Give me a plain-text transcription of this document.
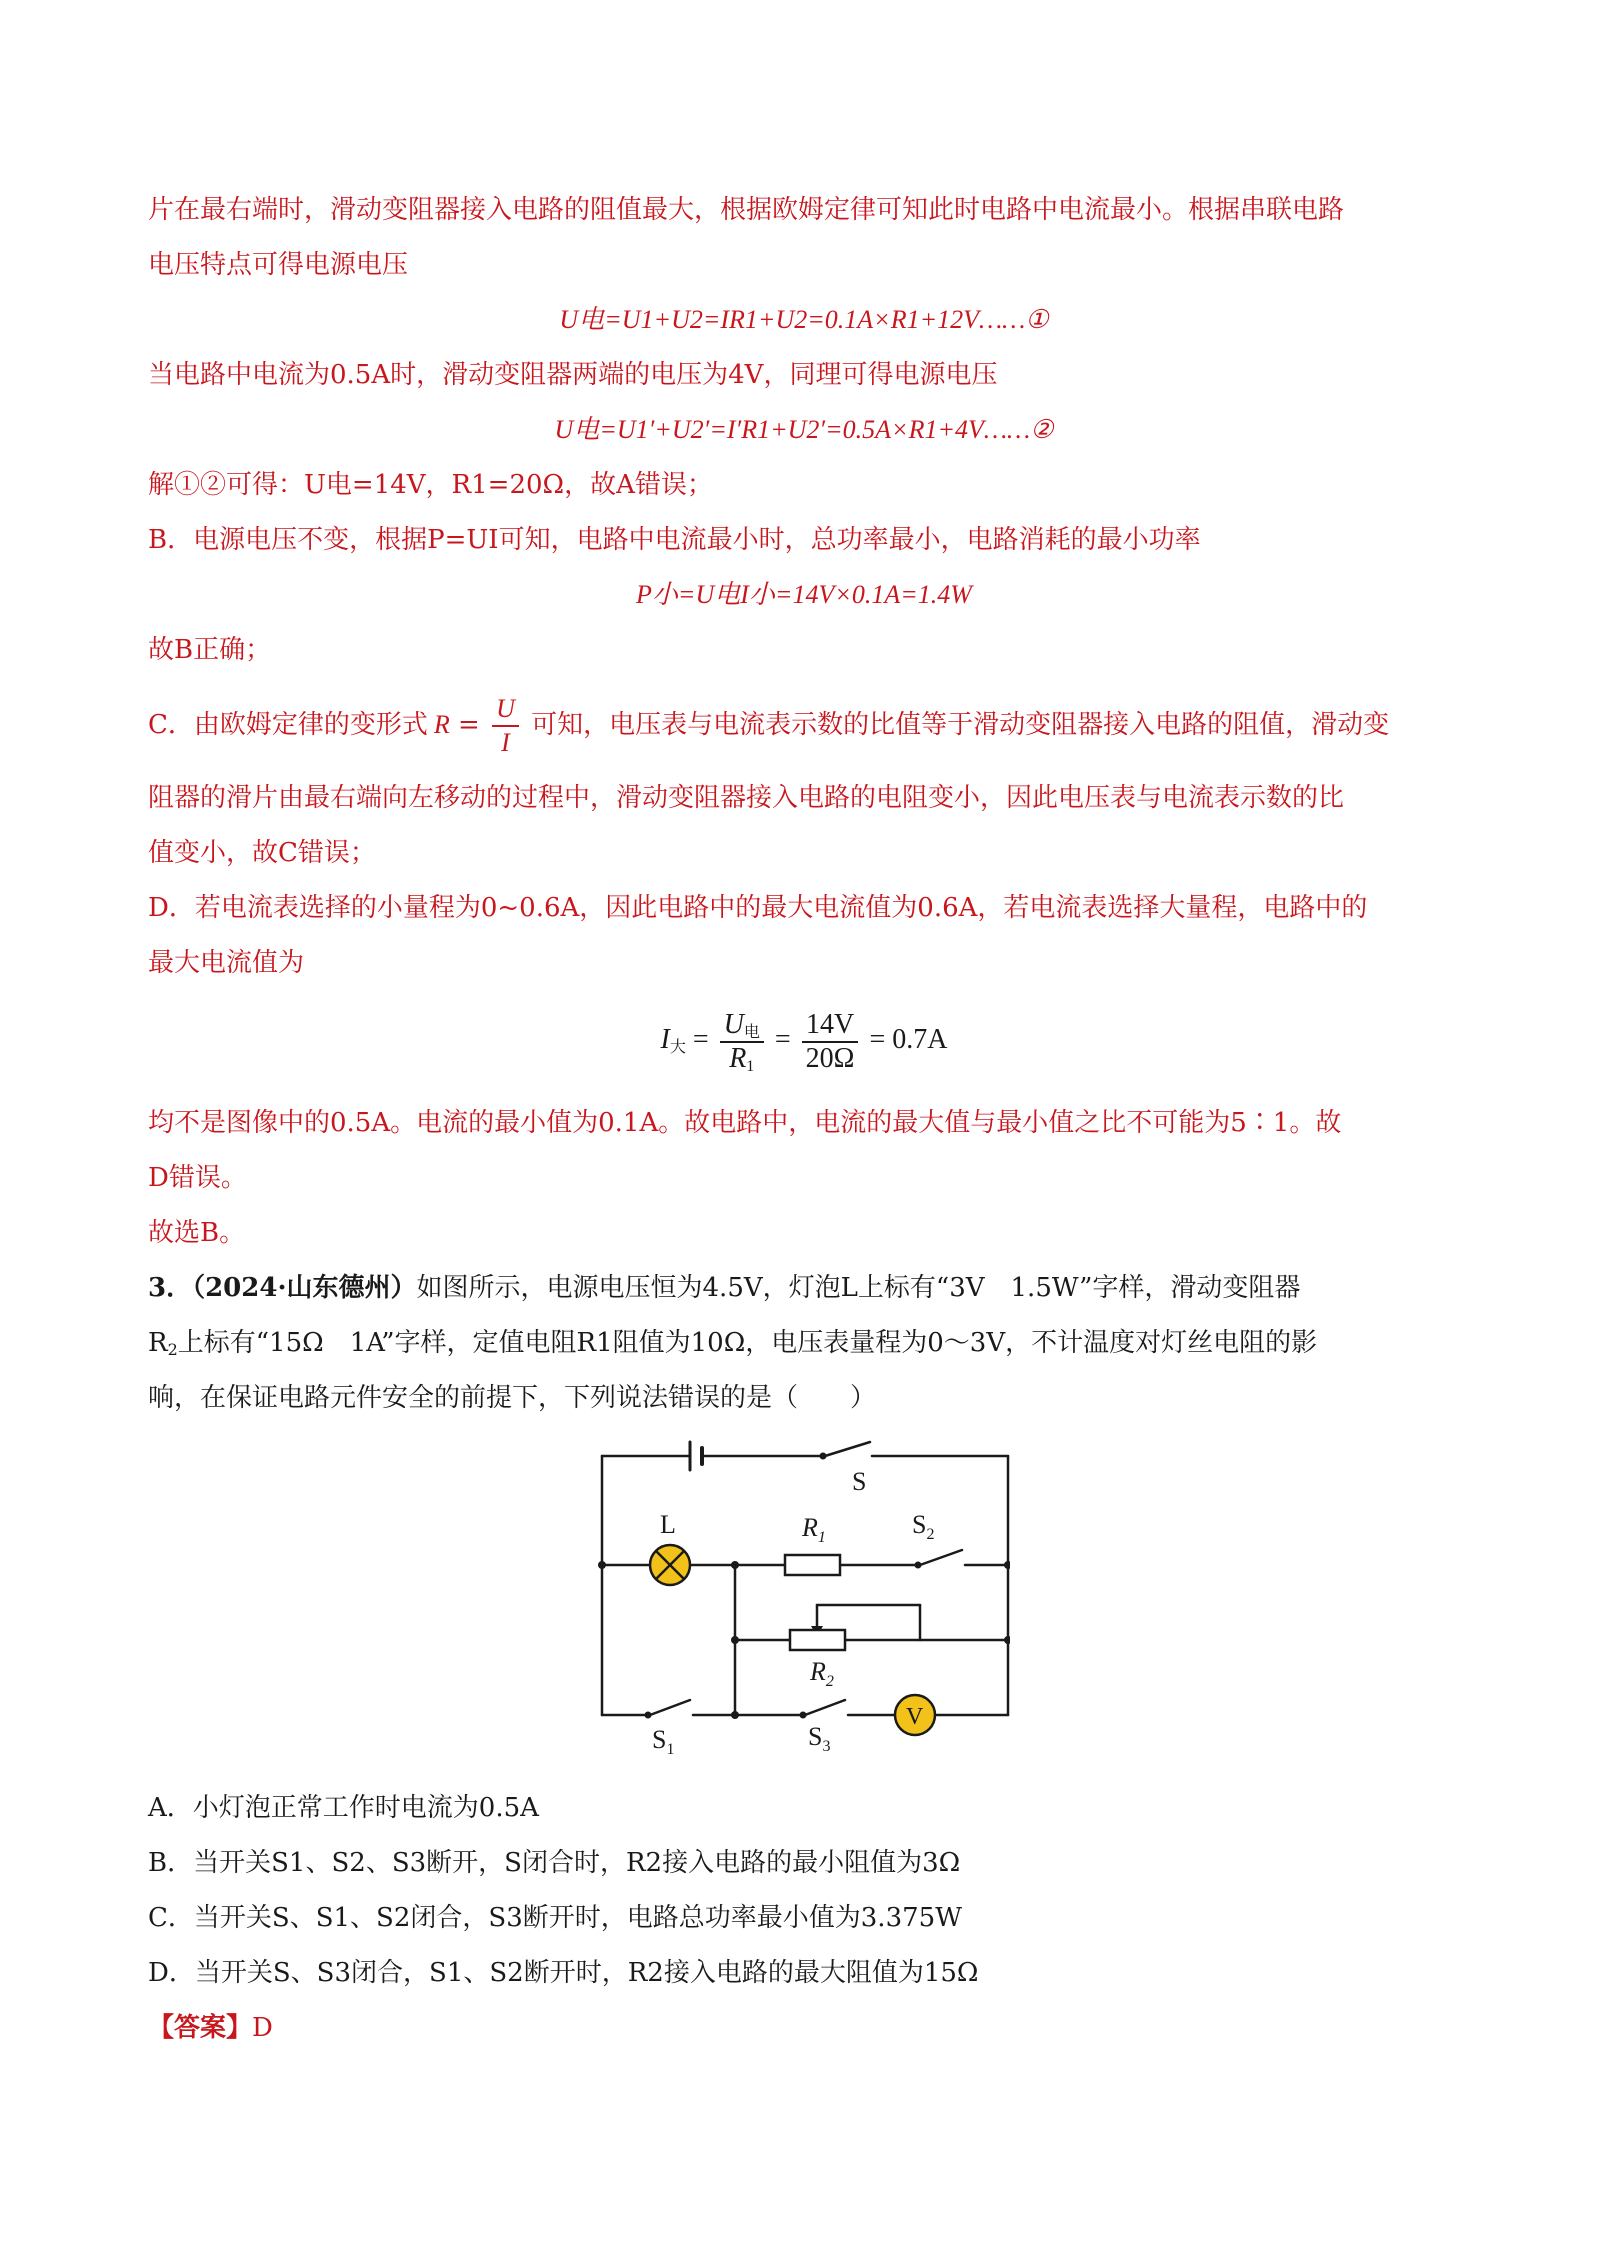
片在最右端时，滑动变阻器接入电路的阻值最大，根据欧姆定律可知此时电路中电流最小。根据串联电路
电压特点可得电源电压
U电=U1+U2=IR1+U2=0.1A×R1+12V……①
当电路中电流为0.5A时，滑动变阻器两端的电压为4V，同理可得电源电压
U电=U1′+U2′=I′R1+U2′=0.5A×R1+4V……②
解①②可得：U电=14V，R1=20Ω，故A错误；
B．电源电压不变，根据P=UI可知，电路中电流最小时，总功率最小，电路消耗的最小功率
P小=U电I小=14V×0.1A=1.4W
故B正确；
C．由欧姆定律的变形式 $R = \frac{U}{I}$ 可知，电压表与电流表示数的比值等于滑动变阻器接入电路的阻值，滑动变
阻器的滑片由最右端向左移动的过程中，滑动变阻器接入电路的电阻变小，因此电压表与电流表示数的比
值变小，故C错误；
D．若电流表选择的小量程为0~0.6A，因此电路中的最大电流值为0.6A，若电流表选择大量程，电路中的
最大电流值为
$I_大 = \frac{U_电}{R_1} = \frac{14V}{20\Omega} = 0.7A$
均不是图像中的0.5A。电流的最小值为0.1A。故电路中，电流的最大值与最小值之比不可能为5∶1。故
D错误。
故选B。
3．（2024·山东德州）如图所示，电源电压恒为4.5V，灯泡L上标有“3V　1.5W”字样，滑动变阻器
$R_2$上标有“15Ω　1A”字样，定值电阻R1阻值为10Ω，电压表量程为0～3V，不计温度对灯丝电阻的影
响，在保证电路元件安全的前提下，下列说法错误的是（　　）
S
L	$R_1$	$S_2$
$R_2$
$S_1$	$S_3$
V
A．小灯泡正常工作时电流为0.5A
B．当开关S1、S2、S3断开，S闭合时，R2接入电路的最小阻值为3Ω
C．当开关S、S1、S2闭合，S3断开时，电路总功率最小值为3.375W
D．当开关S、S3闭合，S1、S2断开时，R2接入电路的最大阻值为15Ω
【答案】D
